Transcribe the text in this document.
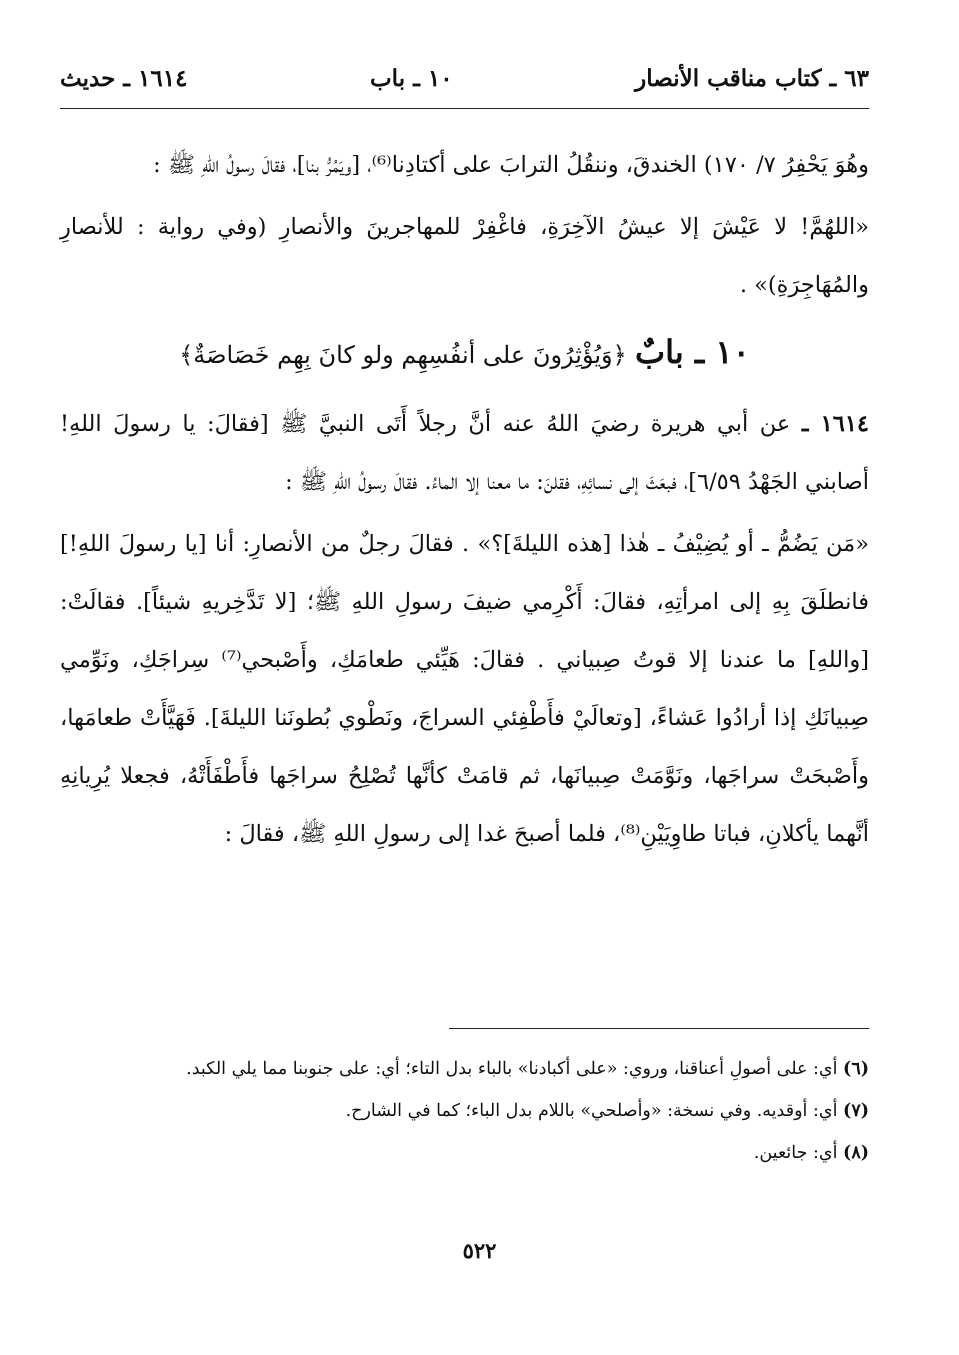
٦٣ ـ كتاب مناقب الأنصار
١٠ ـ باب
١٦١٤ ـ حديث

وهُوَ يَحْفِرُ ٧/ ١٧٠) الخندقَ، وننقُلُ الترابَ على أكتادِنا⁽⁶⁾، [ويَمُرُّ بنا]، فقالَ رسولُ اللهِ ﷺ :

«اللهُمَّ! لا عَيْشَ إلا عيشُ الآخِرَةِ، فاغْفِرْ للمهاجرينَ والأنصارِ (وفي رواية : للأنصارِ والمُهَاجِرَةِ)» .

١٠ ـ بابٌ ﴿وَيُؤْثِرُونَ على أنفُسِهِم ولو كانَ بِهِم خَصَاصَةٌ﴾

١٦١٤ ـ عن أبي هريرة رضيَ اللهُ عنه أنَّ رجلاً أَتَى النبيَّ ﷺ [فقالَ: يا رسولَ اللهِ! أصابني الجَهْدُ ٦/٥٩]، فبعَثَ إلى نسائِهِ، فقلنَ: ما معنا إلا الماءُ. فقالَ رسولُ اللهِ ﷺ :

«مَن يَضُمُّ ـ أو يُضِيْفُ ـ هٰذا [هذه الليلةَ]؟» . فقالَ رجلٌ من الأنصارِ: أنا [يا رسولَ اللهِ!] فانطلَقَ بِهِ إلى امرأتِهِ، فقالَ: أَكْرِمي ضيفَ رسولِ اللهِ ﷺ؛ [لا تَدَّخِريهِ شيئاً]. فقالَتْ: [واللهِ] ما عندنا إلا قوتُ صِبياني . فقالَ: هَيِّئي طعامَكِ، وأَصْبحي⁽⁷⁾ سِراجَكِ، ونَوِّمي صِبيانَكِ إذا أرادُوا عَشاءً، [وتعالَيْ فأَطْفِئي السراجَ، ونَطْوي بُطونَنا الليلةَ]. فَهَيَّأَتْ طعامَها، وأَصْبحَتْ سراجَها، ونَوَّمَتْ صِبيانَها، ثم قامَتْ كأنَّها تُصْلِحُ سراجَها فأَطْفَأَتْهُ، فجعلا يُرِيانِهِ أنَّهما يأكلانِ، فباتا طاوِيَيْنِ⁽⁸⁾، فلما أصبحَ غدا إلى رسولِ اللهِ ﷺ، فقالَ :

(٦) أي: على أصولِ أعناقنا، وروي: «على أكبادنا» بالباء بدل التاء؛ أي: على جنوبنا مما يلي الكبد.

(٧) أي: أوقديه. وفي نسخة: «وأصلحي» باللام بدل الباء؛ كما في الشارح.

(٨) أي: جائعين.

٥٢٢
